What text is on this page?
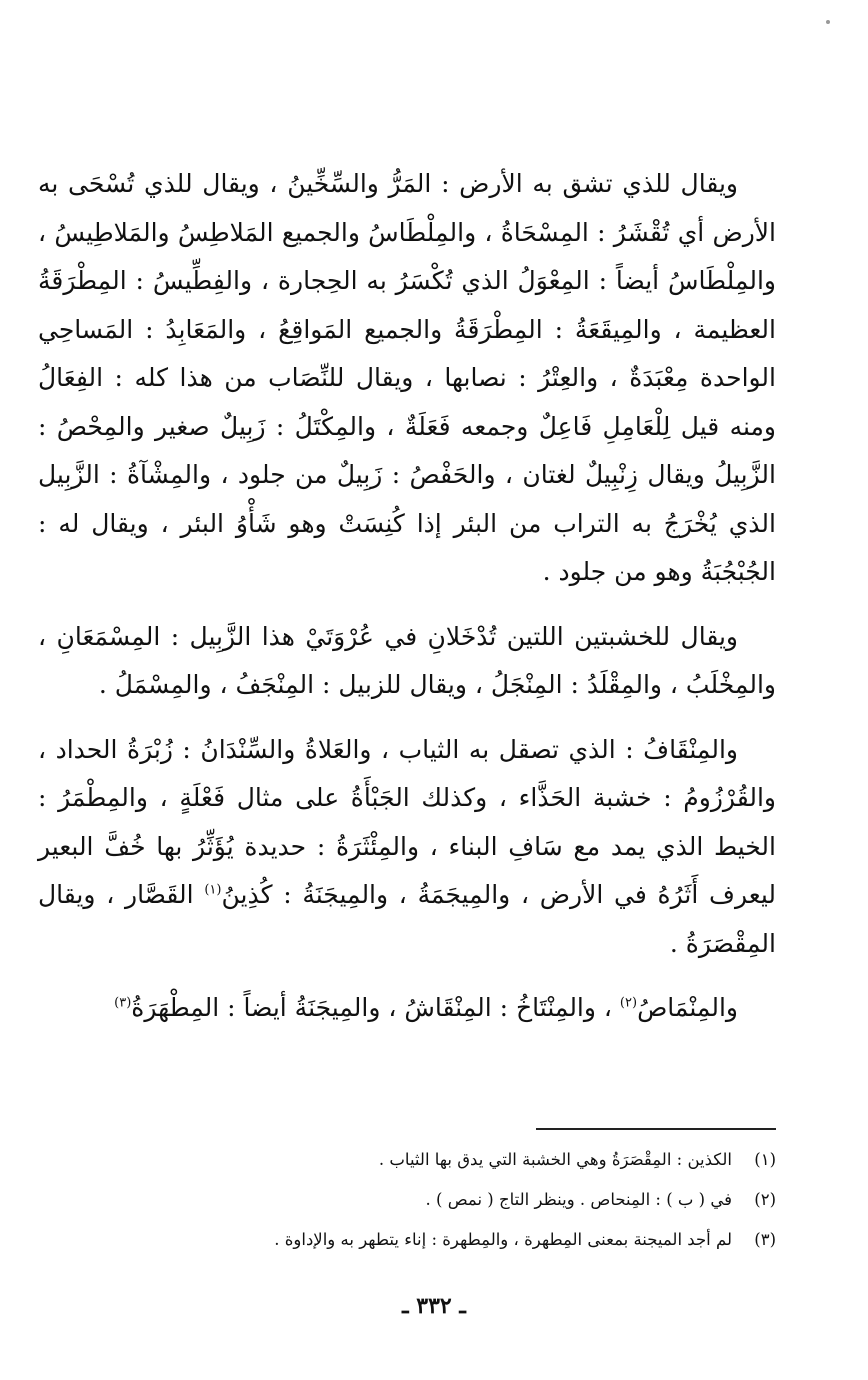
ويقال للذي تشق به الأرض : المَرُّ والسِّخِّينُ ، ويقال للذي تُسْحَى به الأرض أي تُقْشَرُ : المِسْحَاةُ ، والمِلْطَاسُ والجميع المَلاطِسُ والمَلاطِيسُ ، والمِلْطَاسُ أيضاً : المِعْوَلُ الذي تُكْسَرُ به الحِجارة ، والفِطِّيسُ : المِطْرَقَةُ العظيمة ، والمِيقَعَةُ : المِطْرَقَةُ والجميع المَواقِعُ ، والمَعَابِدُ : المَساحِي الواحدة مِعْبَدَةٌ ، والعِتْرُ : نصابها ، ويقال للنِّصَاب من هذا كله : الفِعَالُ ومنه قيل لِلْعَامِلِ فَاعِلٌ وجمعه فَعَلَةٌ ، والمِكْتَلُ : زَبِيلٌ صغير والمِحْصُ : الزَّبِيلُ ويقال زِنْبِيلٌ لغتان ، والحَفْصُ : زَبِيلٌ من جلود ، والمِشْآةُ : الزَّبِيل الذي يُخْرَجُ به التراب من البئر إذا كُنِسَتْ وهو شَأْوُ البئر ، ويقال له : الجُبْجُبَةُ وهو من جلود .

ويقال للخشبتين اللتين تُدْخَلانِ في عُرْوَتَيْ هذا الزَّبِيل : المِسْمَعَانِ ، والمِخْلَبُ ، والمِقْلَدُ : المِنْجَلُ ، ويقال للزبيل : المِنْجَفُ ، والمِسْمَلُ .

والمِنْقَافُ : الذي تصقل به الثياب ، والعَلاةُ والسِّنْدَانُ : زُبْرَةُ الحداد ، والقُرْزُومُ : خشبة الحَذَّاء ، وكذلك الجَبْأَةُ على مثال فَعْلَةٍ ، والمِطْمَرُ : الخيط الذي يمد مع سَافِ البناء ، والمِئْثَرَةُ : حديدة يُؤَثِّرُ بها خُفَّ البعير ليعرف أَثَرُهُ في الأرض ، والمِيجَمَةُ ، والمِيجَنَةُ : كُذِينُ$^{(١)}$ القَصَّار ، ويقال المِقْصَرَةُ .

والمِنْمَاصُ$^{(٢)}$ ، والمِنْتَاخُ : المِنْقَاشُ ، والمِيجَنَةُ أيضاً : المِطْهَرَةُ$^{(٣)}$

(١)
الكذين : المِقْصَرَةُ وهي الخشبة التي يدق بها الثياب .
(٢)
في ( ب ) : المِنحاص . وينظر التاج ( نمص ) .
(٣)
لم أجد الميجنة بمعنى المِطهرة ، والمِطهرة : إناء يتطهر به والإداوة .
ـ ٣٣٢ ـ
